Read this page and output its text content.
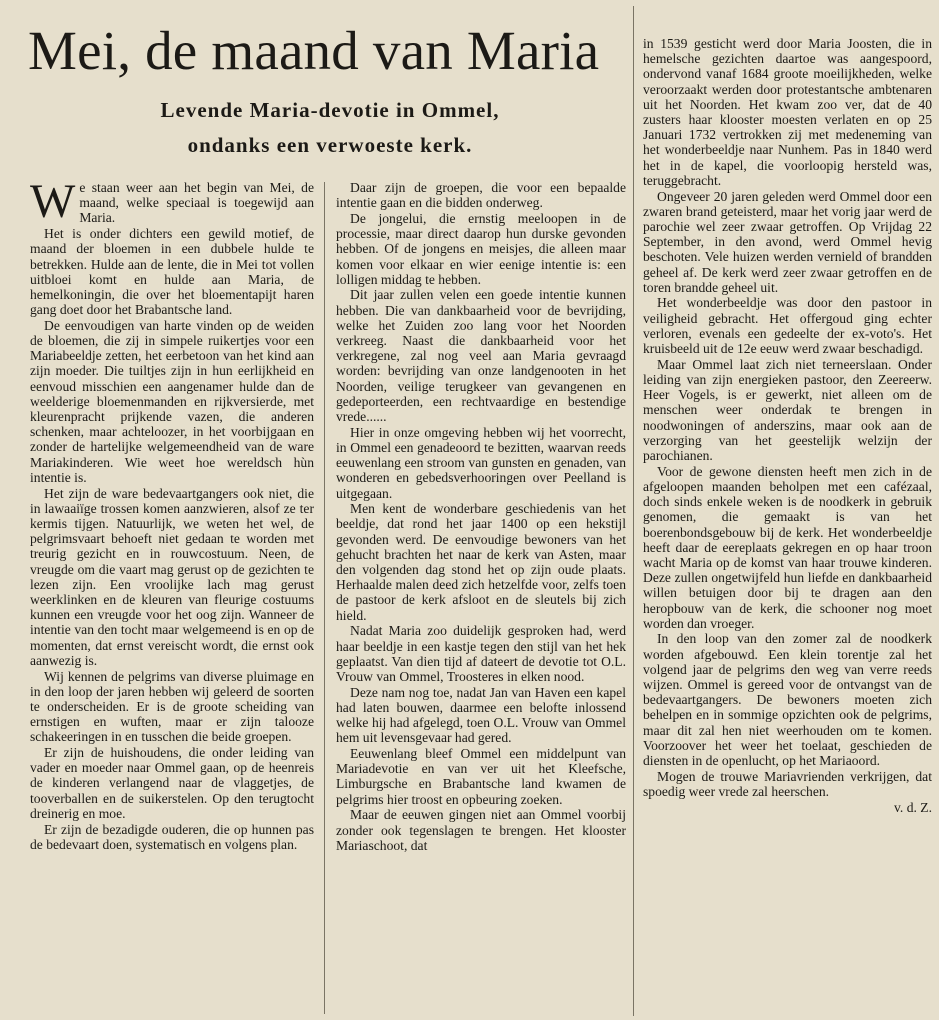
Mei, de maand van Maria
Levende Maria-devotie in Ommel,
ondanks een verwoeste kerk.

We staan weer aan het begin van Mei, de maand, welke speciaal is toegewijd aan Maria.

Het is onder dichters een gewild motief, de maand der bloemen in een dubbele hulde te betrekken. Hulde aan de lente, die in Mei tot vollen uitbloei komt en hulde aan Maria, de hemelkoningin, die over het bloementapijt haren gang doet door het Brabantsche land.

De eenvoudigen van harte vinden op de weiden de bloemen, die zij in simpele ruikertjes voor een Mariabeeldje zetten, het eerbetoon van het kind aan zijn moeder. Die tuiltjes zijn in hun eerlijkheid en eenvoud misschien een aangenamer hulde dan de weelderige bloemenmanden en rijkversierde, met kleurenpracht prijkende vazen, die anderen schenken, maar achteloozer, in het voorbijgaan en zonder de hartelijke welgemeendheid van de ware Mariakinderen. Wie weet hoe wereldsch hùn intentie is.

Het zijn de ware bedevaartgangers ook niet, die in lawaaiïge trossen komen aanzwieren, alsof ze ter kermis tijgen. Natuurlijk, we weten het wel, de pelgrimsvaart behoeft niet gedaan te worden met treurig gezicht en in rouwcostuum. Neen, de vreugde om die vaart mag gerust op de gezichten te lezen zijn. Een vroolijke lach mag gerust weerklinken en de kleuren van fleurige costuums kunnen een vreugde voor het oog zijn. Wanneer de intentie van den tocht maar welgemeend is en op de momenten, dat ernst vereischt wordt, die ernst ook aanwezig is.

Wij kennen de pelgrims van diverse pluimage en in den loop der jaren hebben wij geleerd de soorten te onderscheiden. Er is de groote scheiding van ernstigen en wuften, maar er zijn talooze schakeeringen in en tusschen die beide groepen.

Er zijn de huishoudens, die onder leiding van vader en moeder naar Ommel gaan, op de heenreis de kinderen verlangend naar de vlaggetjes, de tooverballen en de suikerstelen. Op den terugtocht dreinerig en moe.

Er zijn de bezadigde ouderen, die op hunnen pas de bedevaart doen, systematisch en volgens plan.

Daar zijn de groepen, die voor een bepaalde intentie gaan en die bidden onderweg.

De jongelui, die ernstig meeloopen in de processie, maar direct daarop hun durske gevonden hebben. Of de jongens en meisjes, die alleen maar komen voor elkaar en wier eenige intentie is: een lolligen middag te hebben.

Dit jaar zullen velen een goede intentie kunnen hebben. Die van dankbaarheid voor de bevrijding, welke het Zuiden zoo lang voor het Noorden verkreeg. Naast die dankbaarheid voor het verkregene, zal nog veel aan Maria gevraagd worden: bevrijding van onze landgenooten in het Noorden, veilige terugkeer van gevangenen en gedeporteerden, een rechtvaardige en bestendige vrede......

Hier in onze omgeving hebben wij het voorrecht, in Ommel een genadeoord te bezitten, waarvan reeds eeuwenlang een stroom van gunsten en genaden, van wonderen en gebedsverhooringen over Peelland is uitgegaan.

Men kent de wonderbare geschiedenis van het beeldje, dat rond het jaar 1400 op een hekstijl gevonden werd. De eenvoudige bewoners van het gehucht brachten het naar de kerk van Asten, maar den volgenden dag stond het op zijn oude plaats. Herhaalde malen deed zich hetzelfde voor, zelfs toen de pastoor de kerk afsloot en de sleutels bij zich hield.

Nadat Maria zoo duidelijk gesproken had, werd haar beeldje in een kastje tegen den stijl van het hek geplaatst. Van dien tijd af dateert de devotie tot O.L. Vrouw van Ommel, Troosteres in elken nood.

Deze nam nog toe, nadat Jan van Haven een kapel had laten bouwen, daarmee een belofte inlossend welke hij had afgelegd, toen O.L. Vrouw van Ommel hem uit levensgevaar had gered.

Eeuwenlang bleef Ommel een middelpunt van Mariadevotie en van ver uit het Kleefsche, Limburgsche en Brabantsche land kwamen de pelgrims hier troost en opbeuring zoeken.

Maar de eeuwen gingen niet aan Ommel voorbij zonder ook tegenslagen te brengen. Het klooster Mariaschoot, dat

in 1539 gesticht werd door Maria Joosten, die in hemelsche gezichten daartoe was aangespoord, ondervond vanaf 1684 groote moeilijkheden, welke veroorzaakt werden door protestantsche ambtenaren uit het Noorden. Het kwam zoo ver, dat de 40 zusters haar klooster moesten verlaten en op 25 Januari 1732 vertrokken zij met medeneming van het wonderbeeldje naar Nunhem. Pas in 1840 werd het in de kapel, die voorloopig hersteld was, teruggebracht.

Ongeveer 20 jaren geleden werd Ommel door een zwaren brand geteisterd, maar het vorig jaar werd de parochie wel zeer zwaar getroffen. Op Vrijdag 22 September, in den avond, werd Ommel hevig beschoten. Vele huizen werden vernield of brandden geheel af. De kerk werd zeer zwaar getroffen en de toren brandde geheel uit.

Het wonderbeeldje was door den pastoor in veiligheid gebracht. Het offergoud ging echter verloren, evenals een gedeelte der ex-voto's. Het kruisbeeld uit de 12e eeuw werd zwaar beschadigd.

Maar Ommel laat zich niet terneerslaan. Onder leiding van zijn energieken pastoor, den Zeereerw. Heer Vogels, is er gewerkt, niet alleen om de menschen weer onderdak te brengen in noodwoningen of anderszins, maar ook aan de verzorging van het geestelijk welzijn der parochianen.

Voor de gewone diensten heeft men zich in de afgeloopen maanden beholpen met een cafézaal, doch sinds enkele weken is de noodkerk in gebruik genomen, die gemaakt is van het boerenbondsgebouw bij de kerk. Het wonderbeeldje heeft daar de eereplaats gekregen en op haar troon wacht Maria op de komst van haar trouwe kinderen. Deze zullen ongetwijfeld hun liefde en dankbaarheid willen betuigen door bij te dragen aan den heropbouw van de kerk, die schooner nog moet worden dan vroeger.

In den loop van den zomer zal de noodkerk worden afgebouwd. Een klein torentje zal het volgend jaar de pelgrims den weg van verre reeds wijzen. Ommel is gereed voor de ontvangst van de bedevaartgangers. De bewoners moeten zich behelpen en in sommige opzichten ook de pelgrims, maar dit zal hen niet weerhouden om te komen. Voorzoover het weer het toelaat, geschieden de diensten in de openlucht, op het Mariaoord.

Mogen de trouwe Mariavrienden verkrijgen, dat spoedig weer vrede zal heerschen.

v. d. Z.
